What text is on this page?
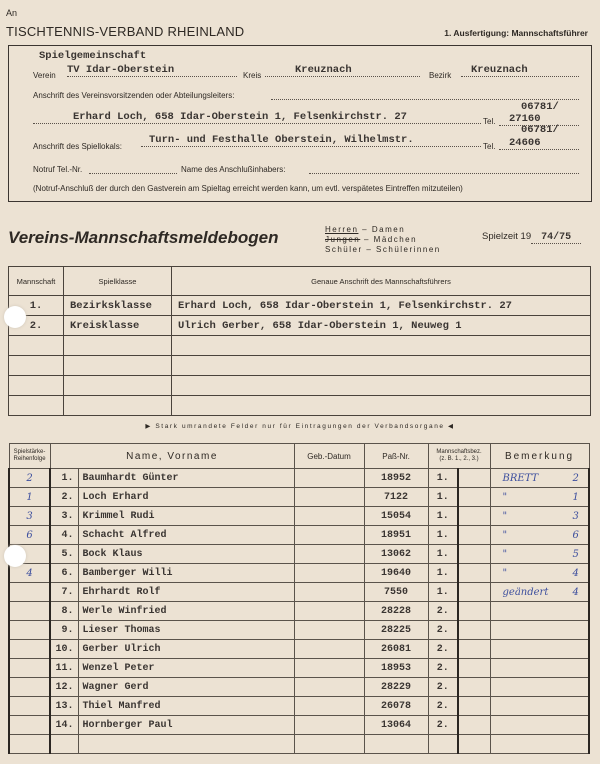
An
TISCHTENNIS-VERBAND RHEINLAND	1. Ausfertigung: Mannschaftsführer
Spielgemeinschaft
Verein TV Idar-Oberstein	Kreis	Kreuznach	Bezirk	Kreuznach
Anschrift des Vereinsvorsitzenden oder Abteilungsleiters:
Erhard Loch, 658 Idar-Oberstein 1, Felsenkirchstr. 27	Tel.
06781/
27160
Anschrift des Spiellokals:
Turn- und Festhalle Oberstein, Wilhelmstr.
Tel.
06781/
24606
Notruf Tel.-Nr.	Name des Anschlußinhabers:
(Notruf-Anschluß der durch den Gastverein am Spieltag erreicht werden kann, um evtl. verspätetes Eintreffen mitzuteilen)
Vereins-Mannschaftsmeldebogen	Herren – Damen
Jungen – Mädchen
Schüler – Schülerinnen
Spielzeit 19 74/75
Mannschaft	Spielklasse	Genaue Anschrift des Mannschaftsführers
1.	Bezirksklasse	Erhard Loch, 658 Idar-Oberstein 1, Felsenkirchstr. 27
2.	Kreisklasse	Ulrich Gerber, 658 Idar-Oberstein 1, Neuweg 1

▶ Stark umrandete Felder nur für Eintragungen der Verbandsorgane ◀
Spielstärke-Reihenfolge	Name, Vorname		Geb.-Datum	Paß-Nr.	Mannschaftsbez. (z. B. 1., 2., 3.)		Bemerkung
2	1.	Baumhardt Günter		18952	1.		BRETT 2
1	2.	Loch Erhard		7122	1.		" 1
3	3.	Krimmel Rudi		15054	1.		" 3
6	4.	Schacht Alfred		18951	1.		" 6
	5.	Bock Klaus		13062	1.		" 5
4	6.	Bamberger Willi		19640	1.		" 4
	7.	Ehrhardt Rolf		7550	1.		geändert 4
	8.	Werle Winfried		28228	2.		
	9.	Lieser Thomas		28225	2.		
	10.	Gerber Ulrich		26081	2.		
	11.	Wenzel Peter		18953	2.		
	12.	Wagner Gerd		28229	2.		
	13.	Thiel Manfred		26078	2.		
	14.	Hornberger Paul		13064	2.		
